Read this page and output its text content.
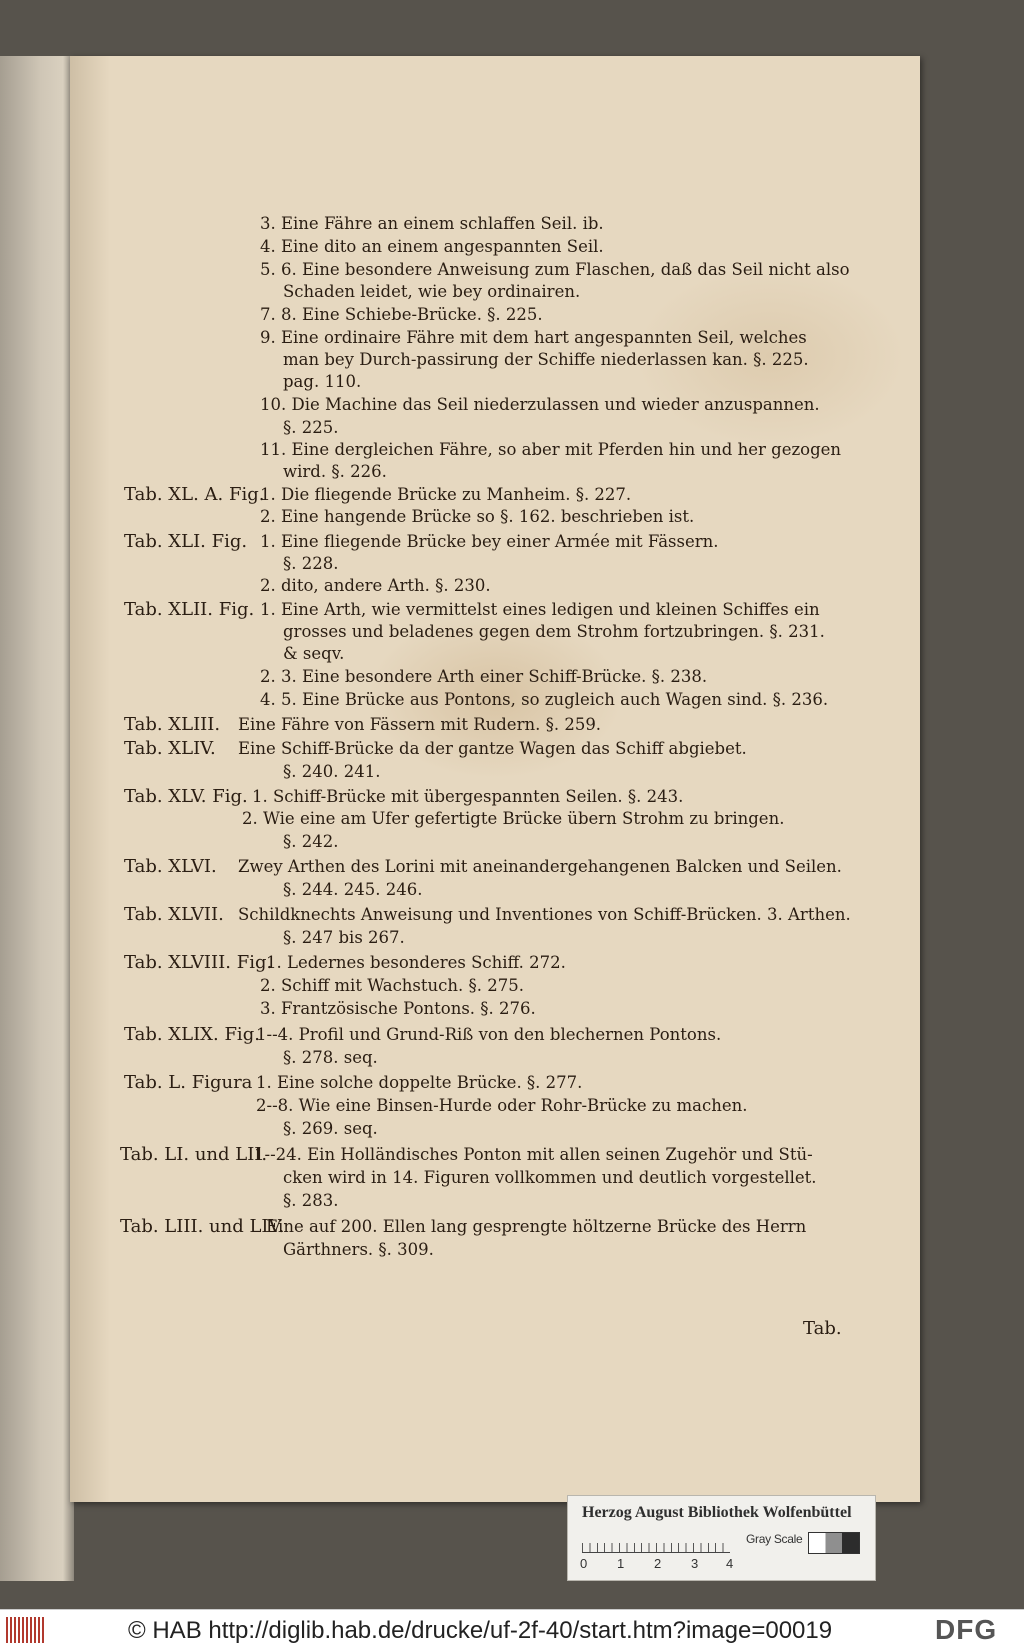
3. Eine Fähre an einem schlaffen Seil. ib.
4. Eine dito an einem angespannten Seil.
5. 6. Eine besondere Anweisung zum Flaschen, daß das Seil nicht also
Schaden leidet, wie bey ordinairen.
7. 8. Eine Schiebe-Brücke. §. 225.
9. Eine ordinaire Fähre mit dem hart angespannten Seil, welches
man bey Durch-passirung der Schiffe niederlassen kan. §. 225.
pag. 110.
10. Die Machine das Seil niederzulassen und wieder anzuspannen.
§. 225.
11. Eine dergleichen Fähre, so aber mit Pferden hin und her gezogen
wird. §. 226.
Tab. XL. A. Fig.
1. Die fliegende Brücke zu Manheim. §. 227.
2. Eine hangende Brücke so §. 162. beschrieben ist.
Tab. XLI. Fig. 1. Eine fliegende Brücke bey einer Armée mit Fässern.
§. 228.
2. dito, andere Arth. §. 230.
Tab. XLII. Fig. 1. Eine Arth, wie vermittelst eines ledigen und kleinen Schiffes ein
grosses und beladenes gegen dem Strohm fortzubringen. §. 231.
& seqv.
2. 3. Eine besondere Arth einer Schiff-Brücke. §. 238.
4. 5. Eine Brücke aus Pontons, so zugleich auch Wagen sind. §. 236.
Tab. XLIII. Eine Fähre von Fässern mit Rudern. §. 259.
Tab. XLIV. Eine Schiff-Brücke da der gantze Wagen das Schiff abgiebet.
§. 240. 241.
Tab. XLV. Fig. 1. Schiff-Brücke mit übergespannten Seilen. §. 243.
2. Wie eine am Ufer gefertigte Brücke übern Strohm zu bringen.
§. 242.
Tab. XLVI. Zwey Arthen des Lorini mit aneinandergehangenen Balcken und Seilen.
§. 244. 245. 246.
Tab. XLVII. Schildknechts Anweisung und Inventiones von Schiff-Brücken. 3. Arthen.
§. 247 bis 267.
Tab. XLVIII. Fig.
1. Ledernes besonderes Schiff. 272.
2. Schiff mit Wachstuch. §. 275.
3. Frantzösische Pontons. §. 276.
Tab. XLIX. Fig.
1--4. Profil und Grund-Riß von den blechernen Pontons.
§. 278. seq.
Tab. L. Figura 1. Eine solche doppelte Brücke. §. 277.
2--8. Wie eine Binsen-Hurde oder Rohr-Brücke zu machen.
§. 269. seq.
Tab. LI. und LII.
1--24. Ein Holländisches Ponton mit allen seinen Zugehör und Stü-
cken wird in 14. Figuren vollkommen und deutlich vorgestellet.
§. 283.
Tab. LIII. und LIV.
Eine auf 200. Ellen lang gesprengte höltzerne Brücke des Herrn
Gärthners. §. 309.
Tab.
Herzog August Bibliothek Wolfenbüttel
0 1 2 3 4
Gray Scale
© HAB http://diglib.hab.de/drucke/uf-2f-40/start.htm?image=00019	DFG
